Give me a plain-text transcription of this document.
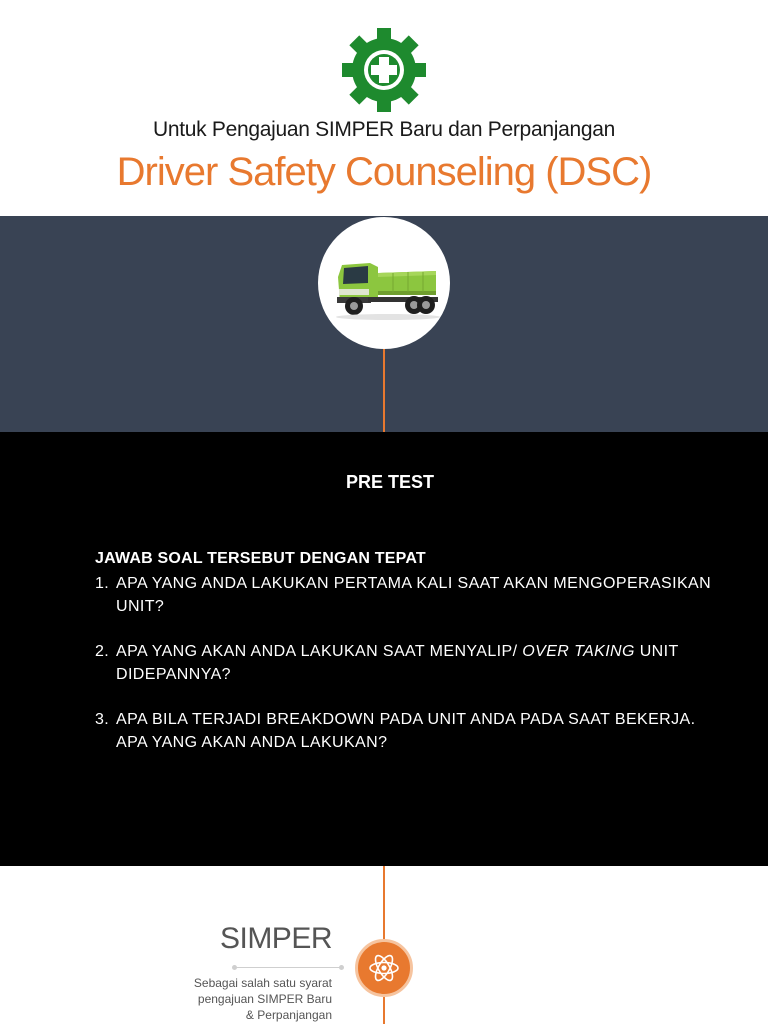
Untuk Pengajuan SIMPER Baru dan Perpanjangan
Driver Safety Counseling (DSC)
PRE TEST
JAWAB SOAL TERSEBUT DENGAN TEPAT
1. APA YANG ANDA LAKUKAN PERTAMA KALI SAAT AKAN MENGOPERASIKAN UNIT?
2. APA YANG AKAN ANDA LAKUKAN SAAT MENYALIP/ OVER TAKING UNIT DIDEPANNYA?
3. APA BILA TERJADI BREAKDOWN PADA UNIT ANDA PADA SAAT BEKERJA. APA YANG AKAN ANDA LAKUKAN?
SIMPER
Sebagai salah satu syarat
pengajuan SIMPER Baru
& Perpanjangan
